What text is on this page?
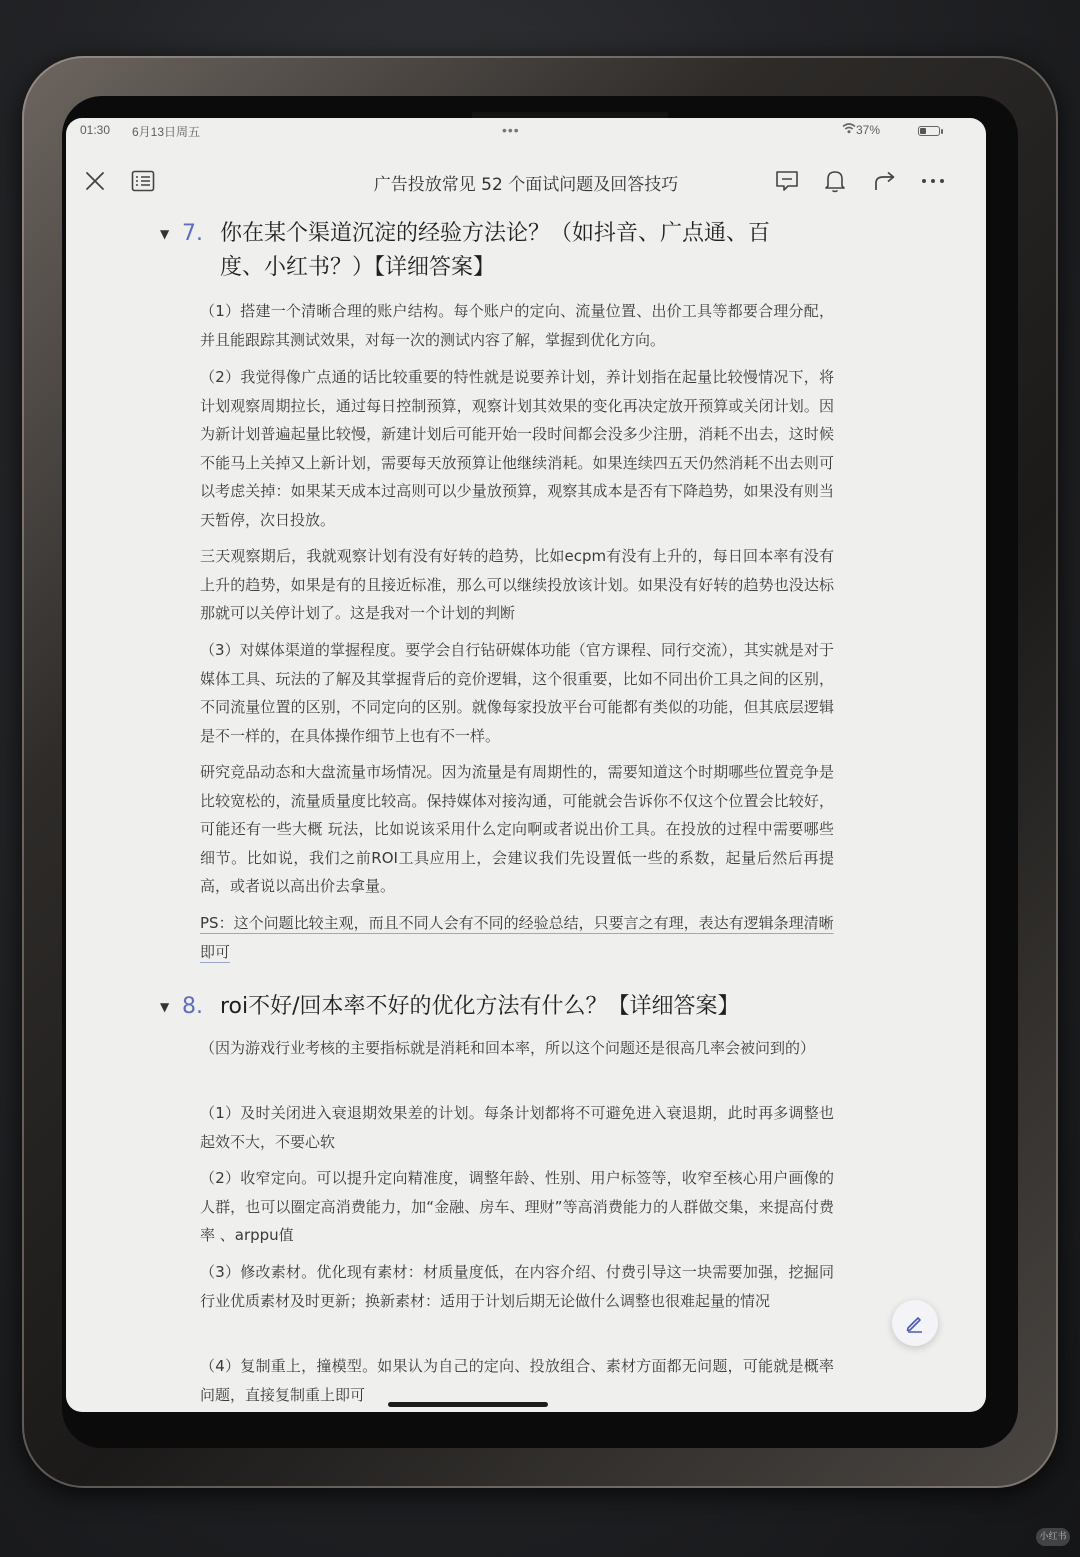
01:30 6月13日周五	•••	37%
广告投放常见 52 个面试问题及回答技巧
▼ 7. 你在某个渠道沉淀的经验方法论？（如抖音、广点通、百
度、小红书？）【详细答案】

（1）搭建一个清晰合理的账户结构。每个账户的定向、流量位置、出价工具等都要合理分配，并且能跟踪其测试效果，对每一次的测试内容了解，掌握到优化方向。

（2）我觉得像广点通的话比较重要的特性就是说要养计划，养计划指在起量比较慢情况下，将计划观察周期拉长，通过每日控制预算，观察计划其效果的变化再决定放开预算或关闭计划。因为新计划普遍起量比较慢，新建计划后可能开始一段时间都会没多少注册，消耗不出去，这时候不能马上关掉又上新计划，需要每天放预算让他继续消耗。如果连续四五天仍然消耗不出去则可以考虑关掉：如果某天成本过高则可以少量放预算，观察其成本是否有下降趋势，如果没有则当天暂停，次日投放。

三天观察期后，我就观察计划有没有好转的趋势，比如ecpm有没有上升的，每日回本率有没有上升的趋势，如果是有的且接近标准，那么可以继续投放该计划。如果没有好转的趋势也没达标那就可以关停计划了。这是我对一个计划的判断

（3）对媒体渠道的掌握程度。要学会自行钻研媒体功能（官方课程、同行交流），其实就是对于媒体工具、玩法的了解及其掌握背后的竞价逻辑，这个很重要，比如不同出价工具之间的区别，不同流量位置的区别，不同定向的区别。就像每家投放平台可能都有类似的功能，但其底层逻辑是不一样的，在具体操作细节上也有不一样。

研究竞品动态和大盘流量市场情况。因为流量是有周期性的，需要知道这个时期哪些位置竞争是比较宽松的，流量质量度比较高。保持媒体对接沟通，可能就会告诉你不仅这个位置会比较好，可能还有一些大概 玩法，比如说该采用什么定向啊或者说出价工具。在投放的过程中需要哪些细节。比如说，我们之前ROI工具应用上，会建议我们先设置低一些的系数，起量后然后再提高，或者说以高出价去拿量。

PS：这个问题比较主观，而且不同人会有不同的经验总结，只要言之有理，表达有逻辑条理清晰即可

▼ 8. roi不好/回本率不好的优化方法有什么？【详细答案】

（因为游戏行业考核的主要指标就是消耗和回本率，所以这个问题还是很高几率会被问到的）

（1）及时关闭进入衰退期效果差的计划。每条计划都将不可避免进入衰退期，此时再多调整也起效不大，不要心软

（2）收窄定向。可以提升定向精准度，调整年龄、性别、用户标签等，收窄至核心用户画像的人群，也可以圈定高消费能力，加“金融、房车、理财”等高消费能力的人群做交集，来提高付费率 、arppu值

（3）修改素材。优化现有素材：材质量度低，在内容介绍、付费引导这一块需要加强，挖掘同行业优质素材及时更新；换新素材：适用于计划后期无论做什么调整也很难起量的情况

（4）复制重上，撞模型。如果认为自己的定向、投放组合、素材方面都无问题，可能就是概率问题，直接复制重上即可

小红书
